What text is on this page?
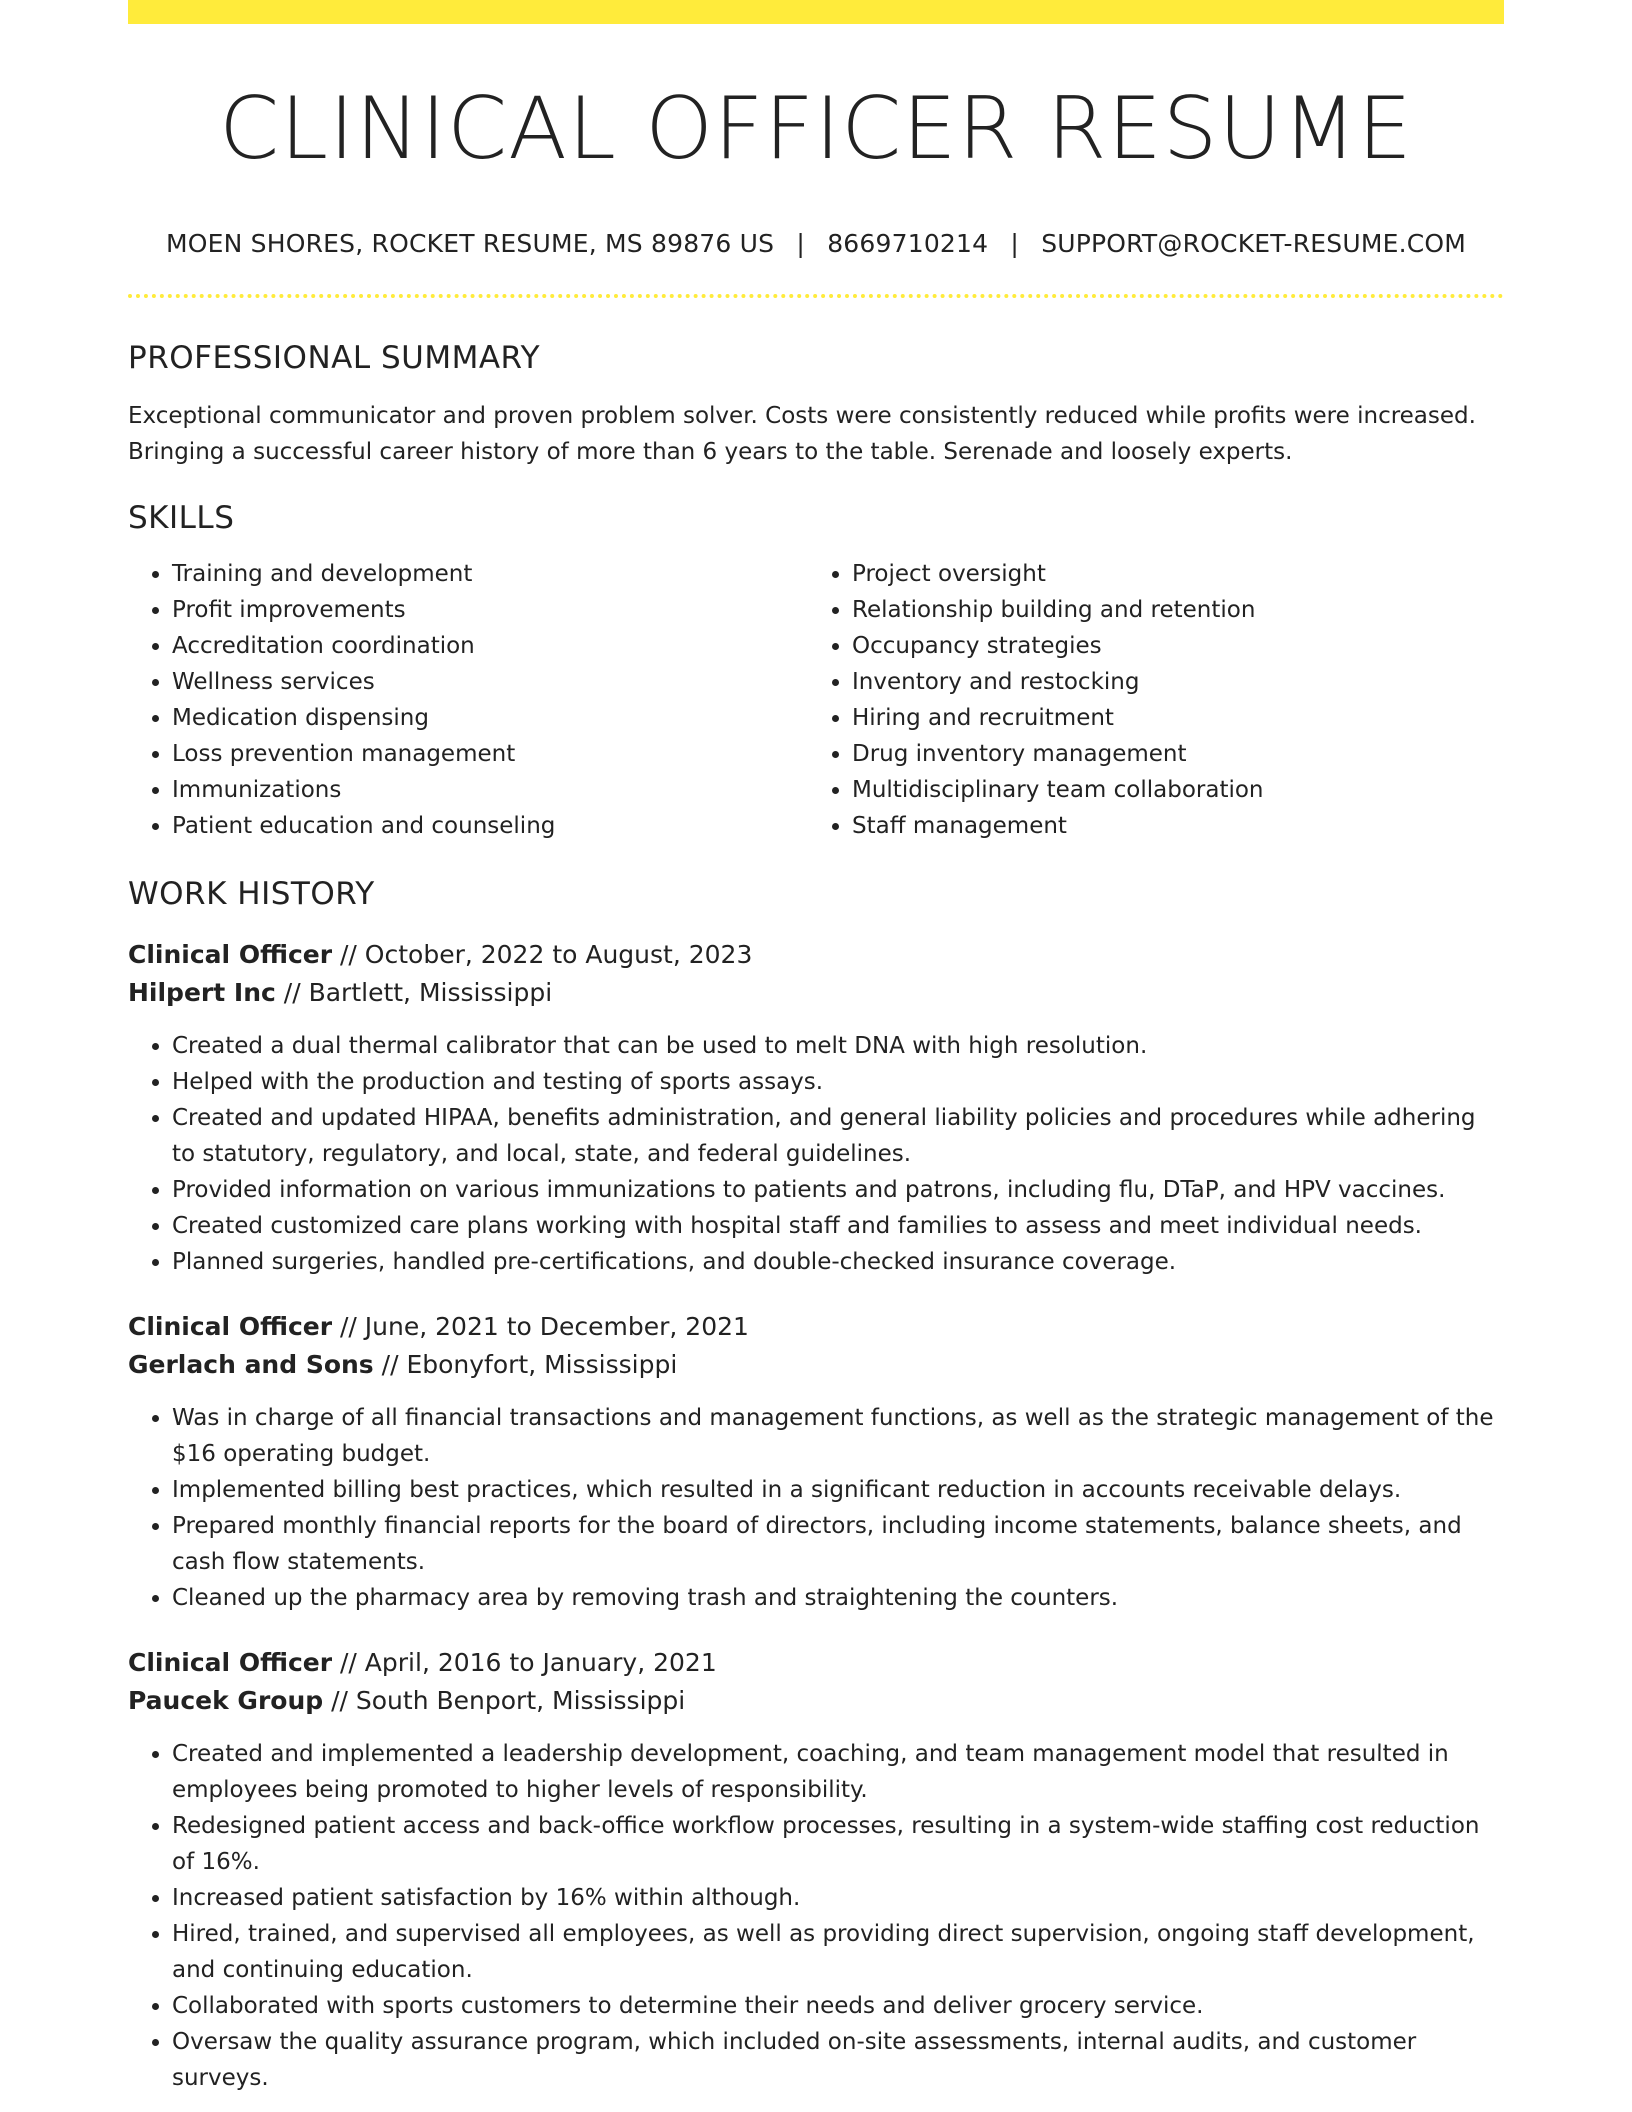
CLINICAL OFFICER RESUME
MOEN SHORES, ROCKET RESUME, MS 89876 US | 8669710214 | SUPPORT@ROCKET-RESUME.COM
PROFESSIONAL SUMMARY
Exceptional communicator and proven problem solver. Costs were consistently reduced while profits were increased. Bringing a successful career history of more than 6 years to the table. Serenade and loosely experts.
SKILLS
• Training and development
• Profit improvements
• Accreditation coordination
• Wellness services
• Medication dispensing
• Loss prevention management
• Immunizations
• Patient education and counseling
• Project oversight
• Relationship building and retention
• Occupancy strategies
• Inventory and restocking
• Hiring and recruitment
• Drug inventory management
• Multidisciplinary team collaboration
• Staff management
WORK HISTORY
Clinical Officer // October, 2022 to August, 2023
Hilpert Inc // Bartlett, Mississippi
• Created a dual thermal calibrator that can be used to melt DNA with high resolution.
• Helped with the production and testing of sports assays.
• Created and updated HIPAA, benefits administration, and general liability policies and procedures while adhering to statutory, regulatory, and local, state, and federal guidelines.
• Provided information on various immunizations to patients and patrons, including flu, DTaP, and HPV vaccines.
• Created customized care plans working with hospital staff and families to assess and meet individual needs.
• Planned surgeries, handled pre-certifications, and double-checked insurance coverage.
Clinical Officer // June, 2021 to December, 2021
Gerlach and Sons // Ebonyfort, Mississippi
• Was in charge of all financial transactions and management functions, as well as the strategic management of the $16 operating budget.
• Implemented billing best practices, which resulted in a significant reduction in accounts receivable delays.
• Prepared monthly financial reports for the board of directors, including income statements, balance sheets, and cash flow statements.
• Cleaned up the pharmacy area by removing trash and straightening the counters.
Clinical Officer // April, 2016 to January, 2021
Paucek Group // South Benport, Mississippi
• Created and implemented a leadership development, coaching, and team management model that resulted in employees being promoted to higher levels of responsibility.
• Redesigned patient access and back-office workflow processes, resulting in a system-wide staffing cost reduction of 16%.
• Increased patient satisfaction by 16% within although.
• Hired, trained, and supervised all employees, as well as providing direct supervision, ongoing staff development, and continuing education.
• Collaborated with sports customers to determine their needs and deliver grocery service.
• Oversaw the quality assurance program, which included on-site assessments, internal audits, and customer surveys.
